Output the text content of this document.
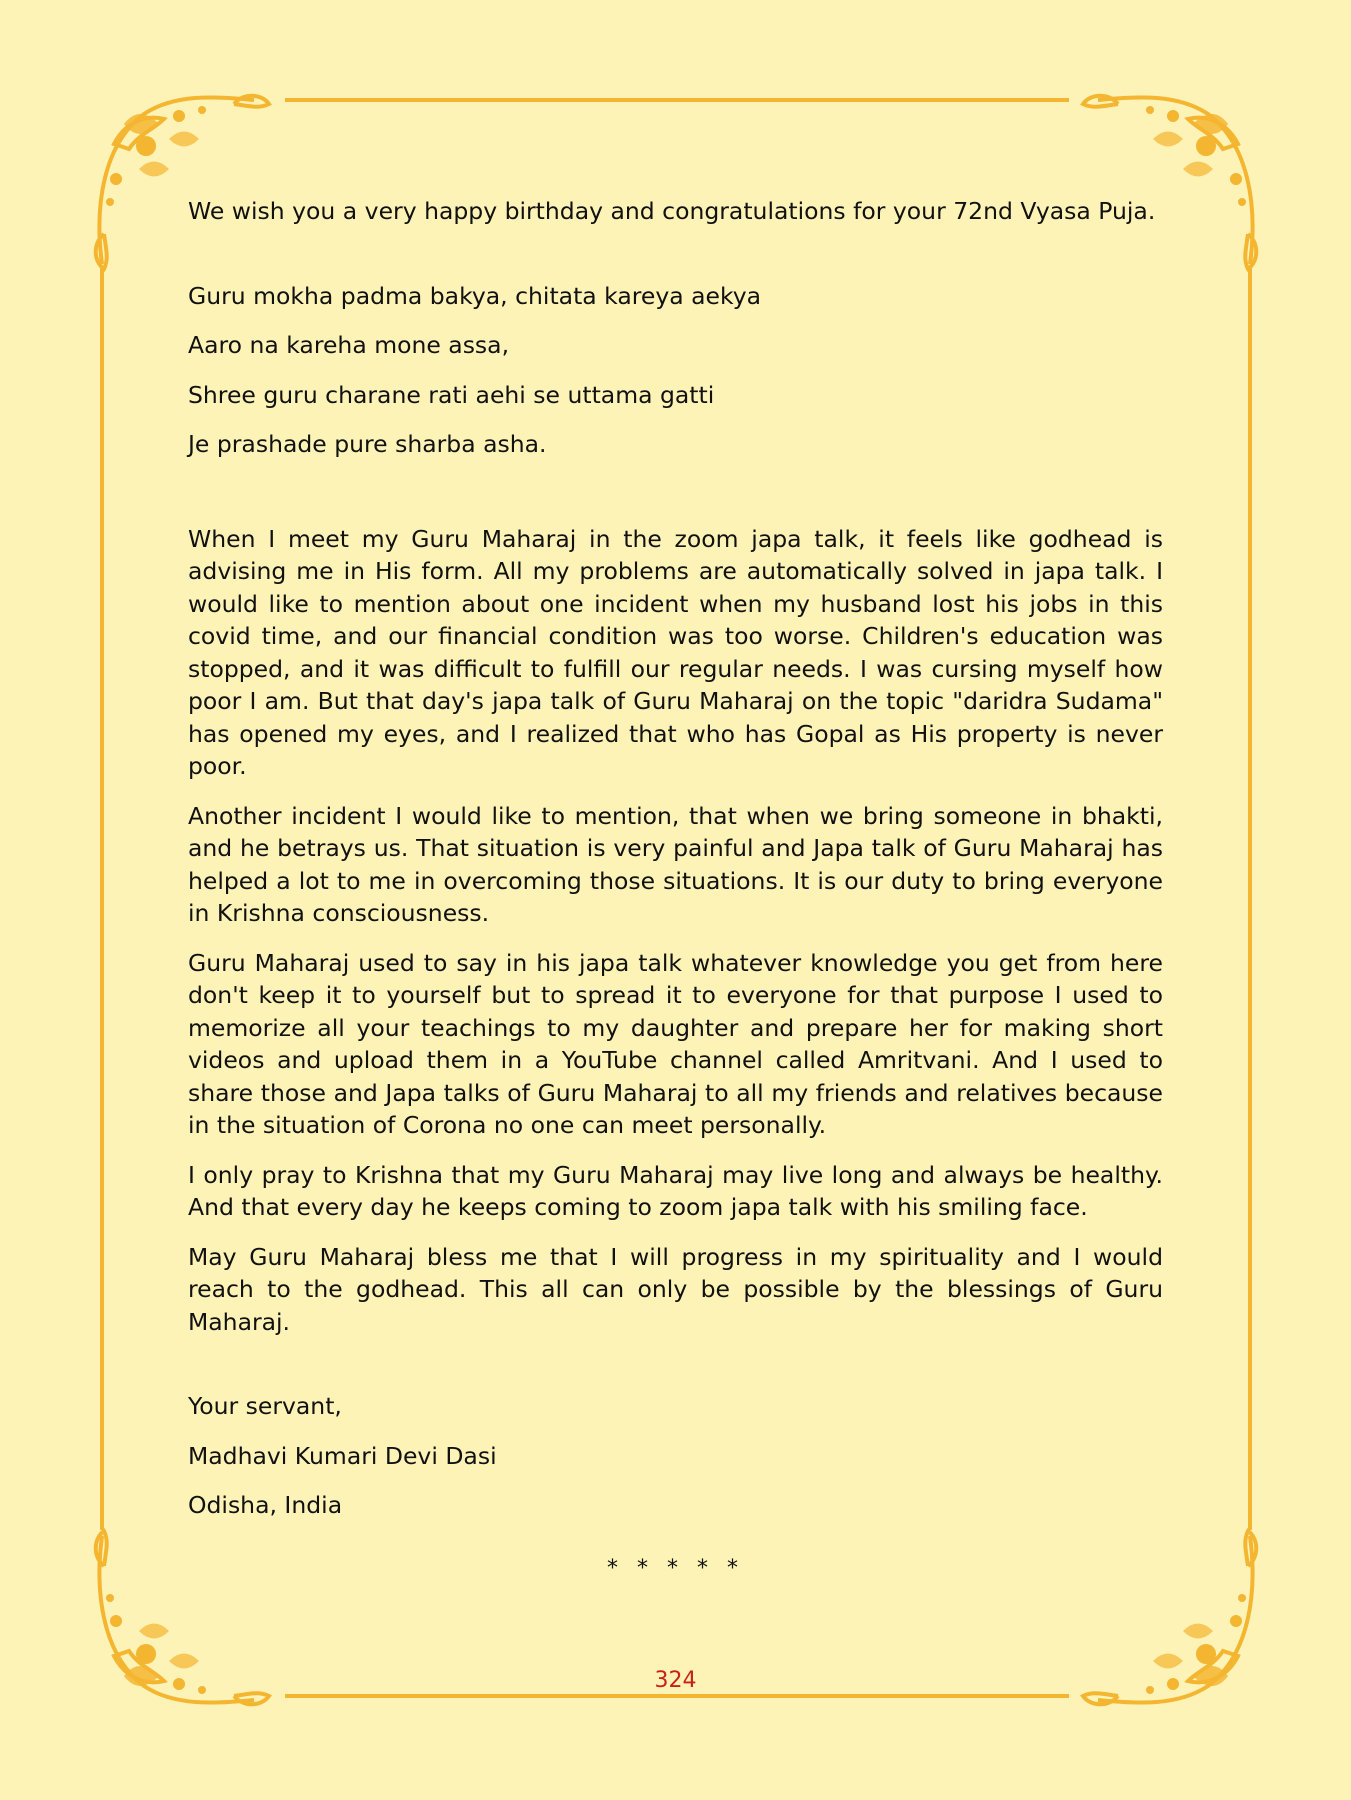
We wish you a very happy birthday and congratulations for your 72nd Vyasa Puja.

Guru mokha padma bakya, chitata kareya aekya

Aaro na kareha mone assa,

Shree guru charane rati aehi se uttama gatti

Je prashade pure sharba asha.

When I meet my Guru Maharaj in the zoom japa talk, it feels like godhead is advising me in His form. All my problems are automatically solved in japa talk. I would like to mention about one incident when my husband lost his jobs in this covid time, and our financial condition was too worse. Children's education was stopped, and it was difficult to fulfill our regular needs. I was cursing myself how poor I am. But that day's japa talk of Guru Maharaj on the topic "daridra Sudama" has opened my eyes, and I realized that who has Gopal as His property is never poor.

Another incident I would like to mention, that when we bring someone in bhakti, and he betrays us. That situation is very painful and Japa talk of Guru Maharaj has helped a lot to me in overcoming those situations. It is our duty to bring everyone in Krishna consciousness.

Guru Maharaj used to say in his japa talk whatever knowledge you get from here don't keep it to yourself but to spread it to everyone for that purpose I used to memorize all your teachings to my daughter and prepare her for making short videos and upload them in a YouTube channel called Amritvani. And I used to share those and Japa talks of Guru Maharaj to all my friends and relatives because in the situation of Corona no one can meet personally.

I only pray to Krishna that my Guru Maharaj may live long and always be healthy. And that every day he keeps coming to zoom japa talk with his smiling face.

May Guru Maharaj bless me that I will progress in my spirituality and I would reach to the godhead. This all can only be possible by the blessings of Guru Maharaj.

Your servant,

Madhavi Kumari Devi Dasi

Odisha, India

* * * * *
324
